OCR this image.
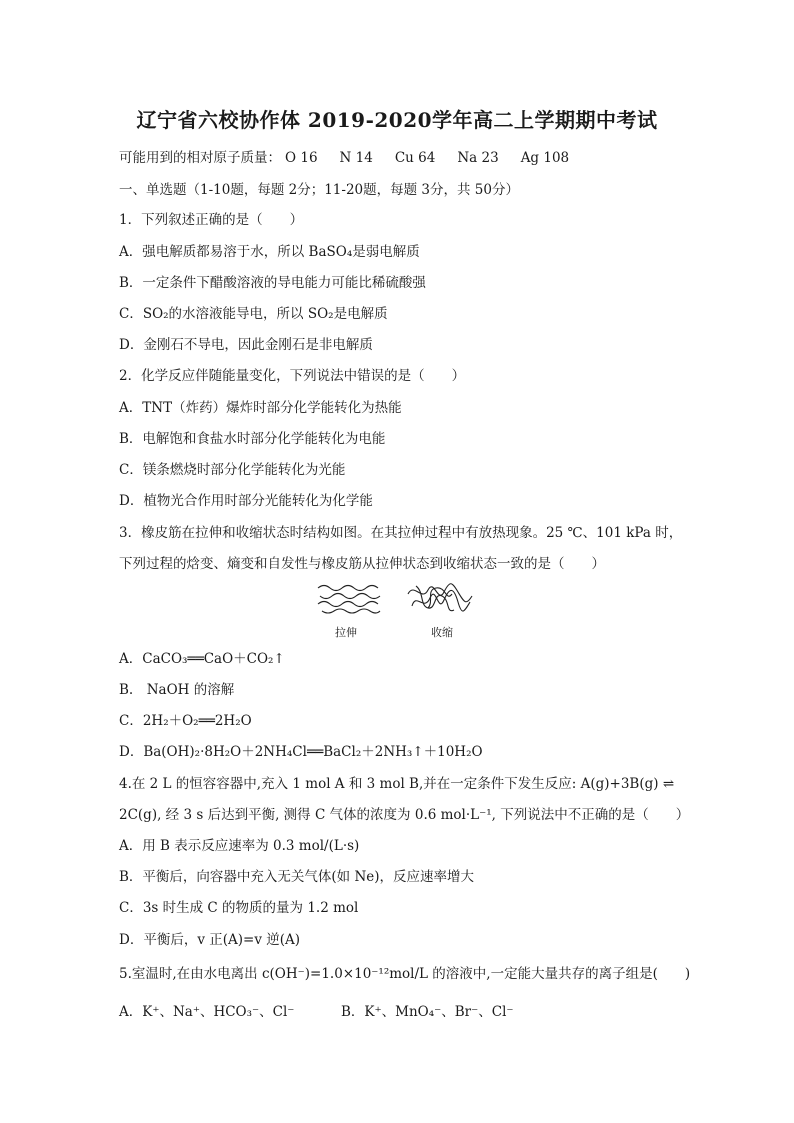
辽宁省六校协作体 2019-2020学年高二上学期期中考试
可能用到的相对原子质量： O 16 N 14 Cu 64 Na 23 Ag 108
一、单选题（1-10题，每题 2分；11-20题，每题 3分，共 50分）
1．下列叙述正确的是（　　）
A．强电解质都易溶于水，所以 BaSO₄是弱电解质
B．一定条件下醋酸溶液的导电能力可能比稀硫酸强
C．SO₂的水溶液能导电，所以 SO₂是电解质
D．金刚石不导电，因此金刚石是非电解质
2．化学反应伴随能量变化，下列说法中错误的是（　　）
A．TNT（炸药）爆炸时部分化学能转化为热能
B．电解饱和食盐水时部分化学能转化为电能
C．镁条燃烧时部分化学能转化为光能
D．植物光合作用时部分光能转化为化学能
3．橡皮筋在拉伸和收缩状态时结构如图。在其拉伸过程中有放热现象。25 ℃、101 kPa 时，
下列过程的焓变、熵变和自发性与橡皮筋从拉伸状态到收缩状态一致的是（　　）
拉伸	收缩
A．CaCO₃══CaO＋CO₂↑
B.　NaOH 的溶解
C．2H₂＋O₂══2H₂O
D．Ba(OH)₂·8H₂O＋2NH₄Cl══BaCl₂＋2NH₃↑＋10H₂O
4.在 2 L 的恒容容器中,充入 1 mol A 和 3 mol B,并在一定条件下发生反应: A(g)+3B(g) ⇌
2C(g), 经 3 s 后达到平衡, 测得 C 气体的浓度为 0.6 mol·L⁻¹, 下列说法中不正确的是（　　）
A．用 B 表示反应速率为 0.3 mol/(L·s)
B．平衡后，向容器中充入无关气体(如 Ne)，反应速率增大
C．3s 时生成 C 的物质的量为 1.2 mol
D．平衡后，v 正(A)=v 逆(A)
5.室温时,在由水电离出 c(OH⁻)=1.0×10⁻¹²mol/L 的溶液中,一定能大量共存的离子组是(　　)
A．K⁺、Na⁺、HCO₃⁻、Cl⁻	B．K⁺、MnO₄⁻、Br⁻、Cl⁻
